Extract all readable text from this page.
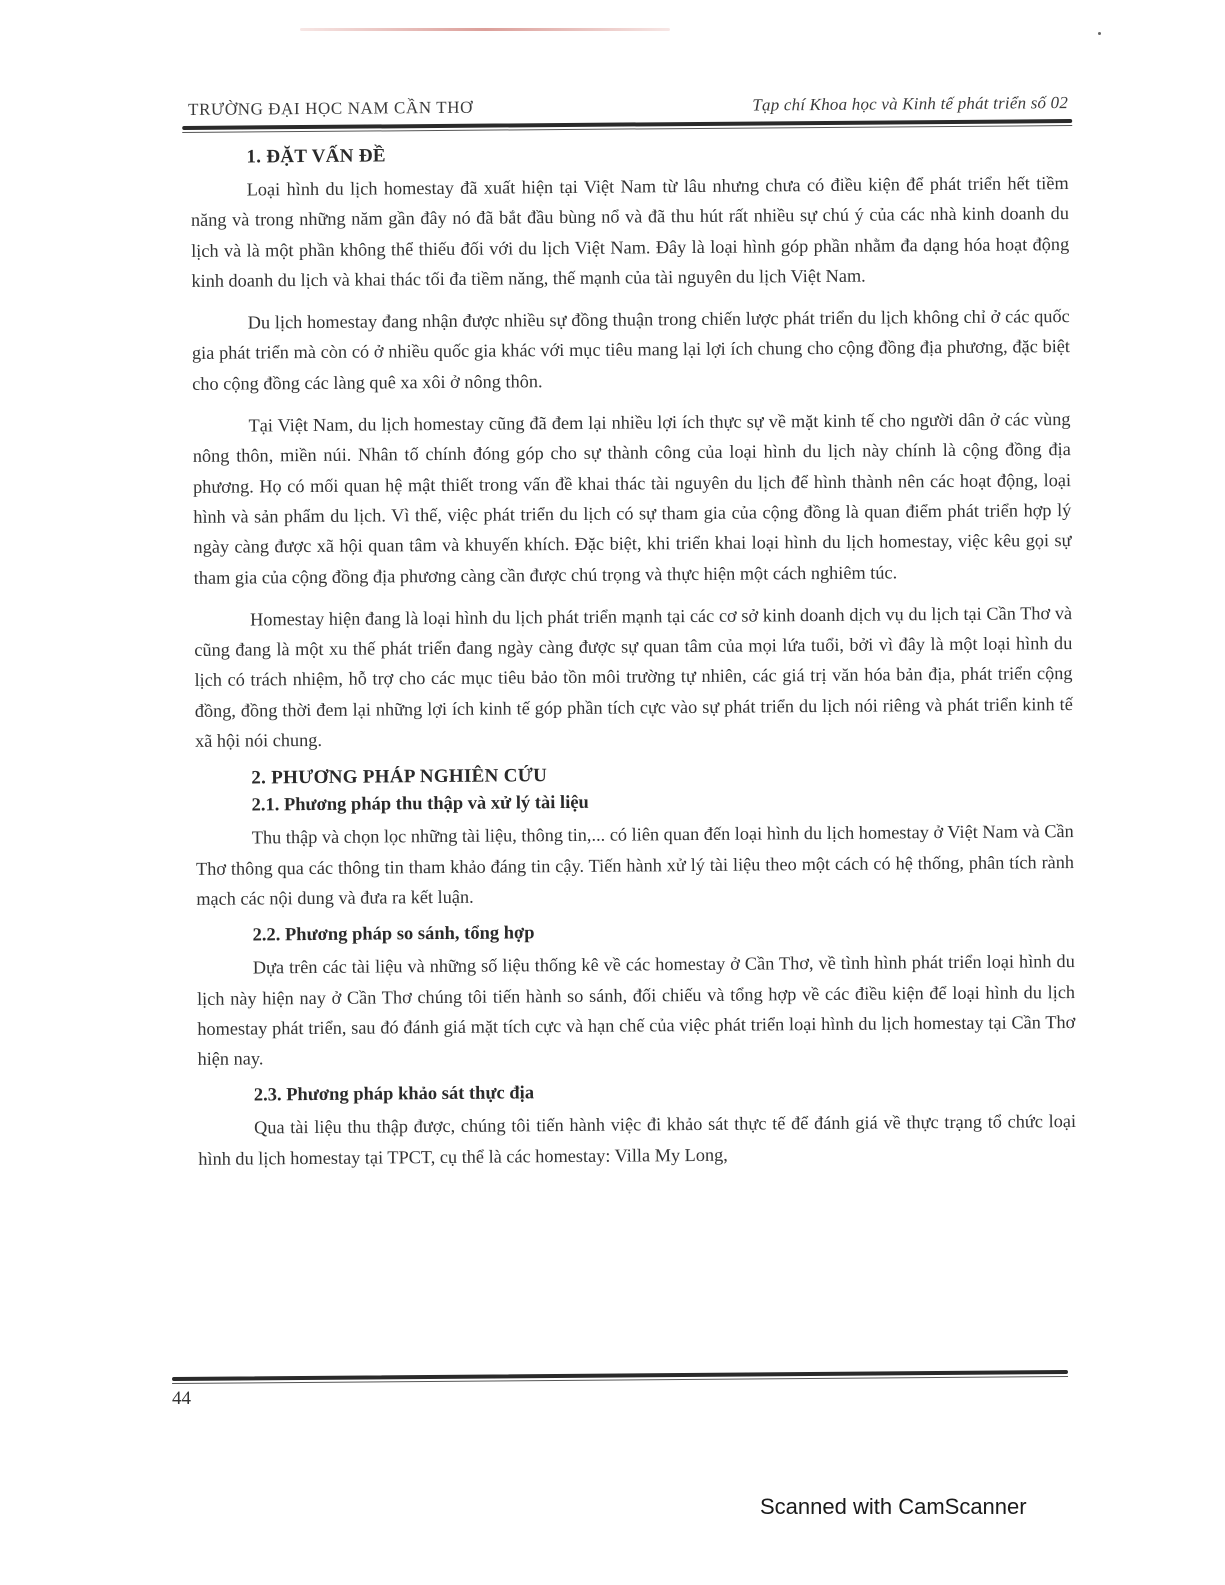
TRƯỜNG ĐẠI HỌC NAM CẦN THƠ	Tạp chí Khoa học và Kinh tế phát triển số 02
1. ĐẶT VẤN ĐỀ

Loại hình du lịch homestay đã xuất hiện tại Việt Nam từ lâu nhưng chưa có điều kiện để phát triển hết tiềm năng và trong những năm gần đây nó đã bắt đầu bùng nổ và đã thu hút rất nhiều sự chú ý của các nhà kinh doanh du lịch và là một phần không thể thiếu đối với du lịch Việt Nam. Đây là loại hình góp phần nhằm đa dạng hóa hoạt động kinh doanh du lịch và khai thác tối đa tiềm năng, thế mạnh của tài nguyên du lịch Việt Nam.

Du lịch homestay đang nhận được nhiều sự đồng thuận trong chiến lược phát triển du lịch không chỉ ở các quốc gia phát triển mà còn có ở nhiều quốc gia khác với mục tiêu mang lại lợi ích chung cho cộng đồng địa phương, đặc biệt cho cộng đồng các làng quê xa xôi ở nông thôn.

Tại Việt Nam, du lịch homestay cũng đã đem lại nhiều lợi ích thực sự về mặt kinh tế cho người dân ở các vùng nông thôn, miền núi. Nhân tố chính đóng góp cho sự thành công của loại hình du lịch này chính là cộng đồng địa phương. Họ có mối quan hệ mật thiết trong vấn đề khai thác tài nguyên du lịch để hình thành nên các hoạt động, loại hình và sản phẩm du lịch. Vì thế, việc phát triển du lịch có sự tham gia của cộng đồng là quan điểm phát triển hợp lý ngày càng được xã hội quan tâm và khuyến khích. Đặc biệt, khi triển khai loại hình du lịch homestay, việc kêu gọi sự tham gia của cộng đồng địa phương càng cần được chú trọng và thực hiện một cách nghiêm túc.

Homestay hiện đang là loại hình du lịch phát triển mạnh tại các cơ sở kinh doanh dịch vụ du lịch tại Cần Thơ và cũng đang là một xu thế phát triển đang ngày càng được sự quan tâm của mọi lứa tuổi, bởi vì đây là một loại hình du lịch có trách nhiệm, hỗ trợ cho các mục tiêu bảo tồn môi trường tự nhiên, các giá trị văn hóa bản địa, phát triển cộng đồng, đồng thời đem lại những lợi ích kinh tế góp phần tích cực vào sự phát triển du lịch nói riêng và phát triển kinh tế xã hội nói chung.

2. PHƯƠNG PHÁP NGHIÊN CỨU
2.1. Phương pháp thu thập và xử lý tài liệu

Thu thập và chọn lọc những tài liệu, thông tin,... có liên quan đến loại hình du lịch homestay ở Việt Nam và Cần Thơ thông qua các thông tin tham khảo đáng tin cậy. Tiến hành xử lý tài liệu theo một cách có hệ thống, phân tích rành mạch các nội dung và đưa ra kết luận.

2.2. Phương pháp so sánh, tổng hợp

Dựa trên các tài liệu và những số liệu thống kê về các homestay ở Cần Thơ, về tình hình phát triển loại hình du lịch này hiện nay ở Cần Thơ chúng tôi tiến hành so sánh, đối chiếu và tổng hợp về các điều kiện để loại hình du lịch homestay phát triển, sau đó đánh giá mặt tích cực và hạn chế của việc phát triển loại hình du lịch homestay tại Cần Thơ hiện nay.

2.3. Phương pháp khảo sát thực địa

Qua tài liệu thu thập được, chúng tôi tiến hành việc đi khảo sát thực tế để đánh giá về thực trạng tổ chức loại hình du lịch homestay tại TPCT, cụ thể là các homestay: Villa My Long,

44
Scanned with CamScanner
